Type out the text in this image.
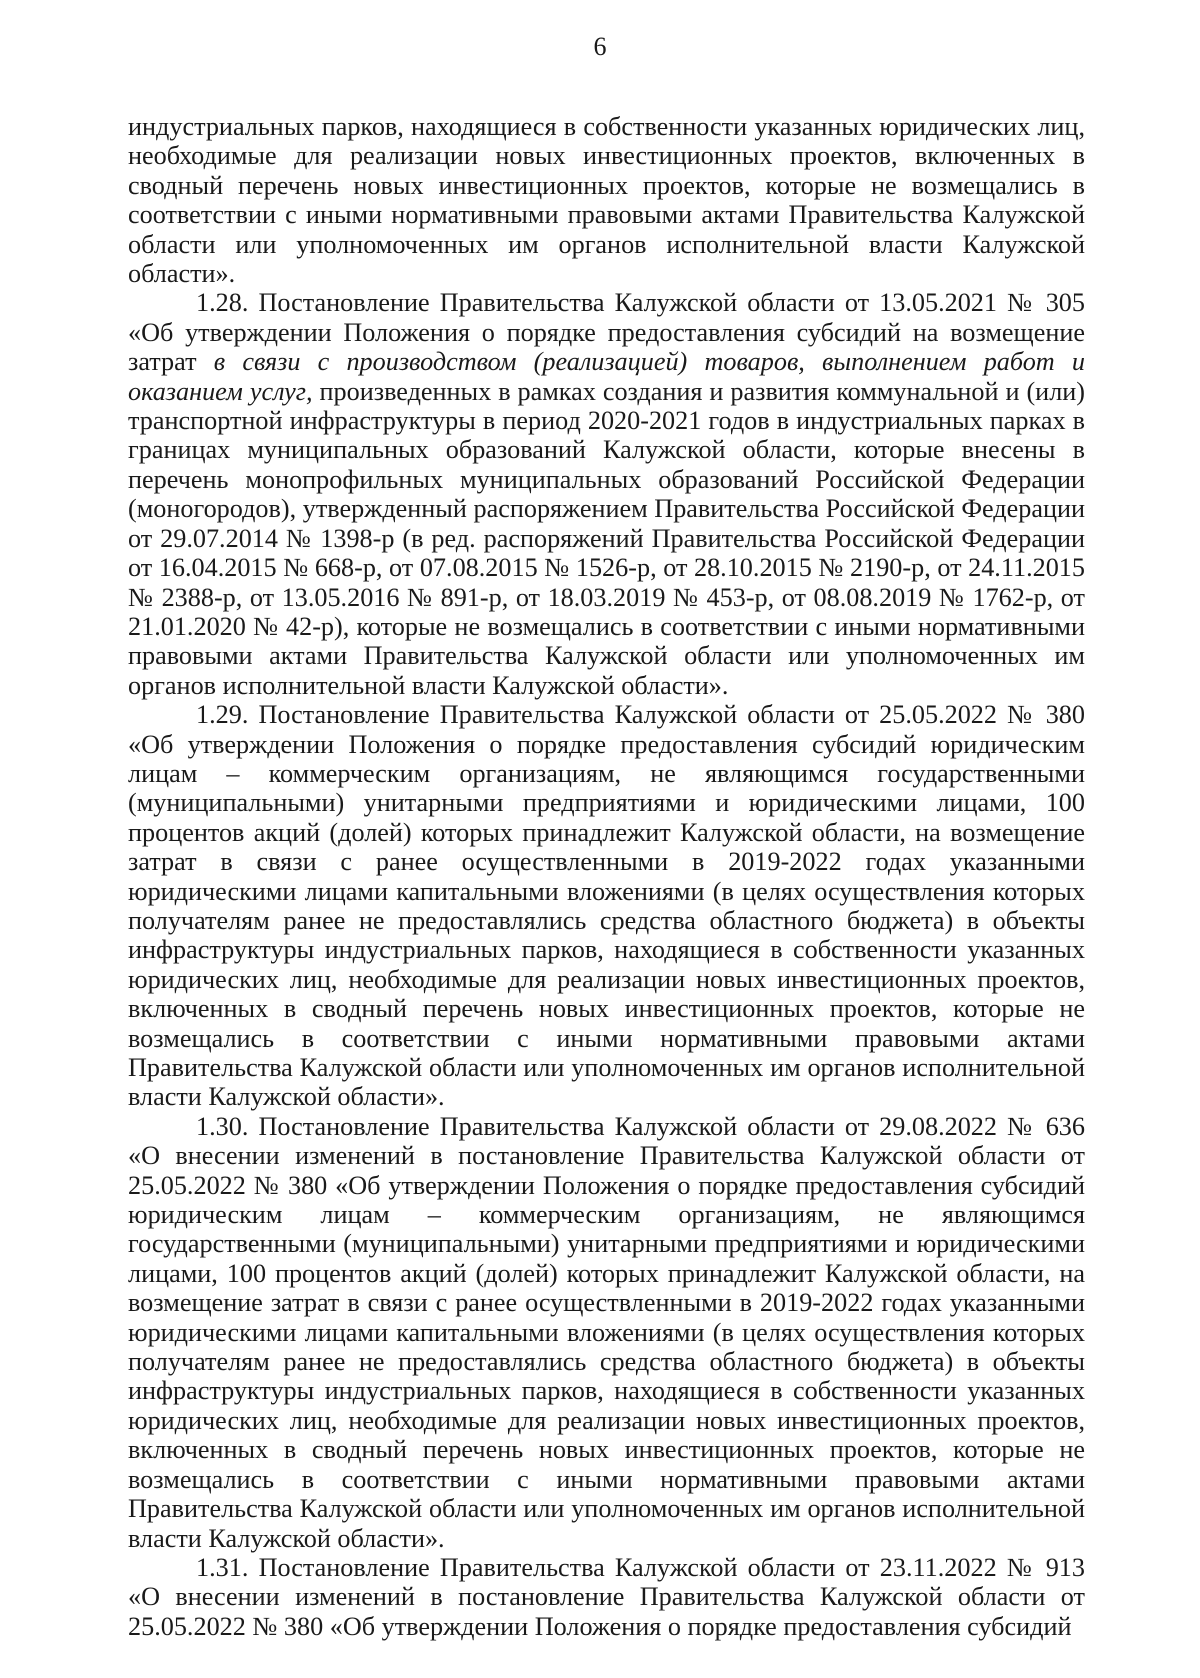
6

индустриальных парков, находящиеся в собственности указанных юридических лиц, необходимые для реализации новых инвестиционных проектов, включенных в сводный перечень новых инвестиционных проектов, которые не возмещались в соответствии с иными нормативными правовыми актами Правительства Калужской области или уполномоченных им органов исполнительной власти Калужской области».

1.28. Постановление Правительства Калужской области от 13.05.2021 № 305 «Об утверждении Положения о порядке предоставления субсидий на возмещение затрат в связи с производством (реализацией) товаров, выполнением работ и оказанием услуг, произведенных в рамках создания и развития коммунальной и (или) транспортной инфраструктуры в период 2020-2021 годов в индустриальных парках в границах муниципальных образований Калужской области, которые внесены в перечень монопрофильных муниципальных образований Российской Федерации (моногородов), утвержденный распоряжением Правительства Российской Федерации от 29.07.2014 № 1398-р (в ред. распоряжений Правительства Российской Федерации от 16.04.2015 № 668-р, от 07.08.2015 № 1526-р, от 28.10.2015 № 2190-р, от 24.11.2015 № 2388-р, от 13.05.2016 № 891-р, от 18.03.2019 № 453-р, от 08.08.2019 № 1762-р, от 21.01.2020 № 42-р), которые не возмещались в соответствии с иными нормативными правовыми актами Правительства Калужской области или уполномоченных им органов исполнительной власти Калужской области».

1.29. Постановление Правительства Калужской области от 25.05.2022 № 380 «Об утверждении Положения о порядке предоставления субсидий юридическим лицам – коммерческим организациям, не являющимся государственными (муниципальными) унитарными предприятиями и юридическими лицами, 100 процентов акций (долей) которых принадлежит Калужской области, на возмещение затрат в связи с ранее осуществленными в 2019-2022 годах указанными юридическими лицами капитальными вложениями (в целях осуществления которых получателям ранее не предоставлялись средства областного бюджета) в объекты инфраструктуры индустриальных парков, находящиеся в собственности указанных юридических лиц, необходимые для реализации новых инвестиционных проектов, включенных в сводный перечень новых инвестиционных проектов, которые не возмещались в соответствии с иными нормативными правовыми актами Правительства Калужской области или уполномоченных им органов исполнительной власти Калужской области».

1.30. Постановление Правительства Калужской области от 29.08.2022 № 636 «О внесении изменений в постановление Правительства Калужской области от 25.05.2022 № 380 «Об утверждении Положения о порядке предоставления субсидий юридическим лицам – коммерческим организациям, не являющимся государственными (муниципальными) унитарными предприятиями и юридическими лицами, 100 процентов акций (долей) которых принадлежит Калужской области, на возмещение затрат в связи с ранее осуществленными в 2019-2022 годах указанными юридическими лицами капитальными вложениями (в целях осуществления которых получателям ранее не предоставлялись средства областного бюджета) в объекты инфраструктуры индустриальных парков, находящиеся в собственности указанных юридических лиц, необходимые для реализации новых инвестиционных проектов, включенных в сводный перечень новых инвестиционных проектов, которые не возмещались в соответствии с иными нормативными правовыми актами Правительства Калужской области или уполномоченных им органов исполнительной власти Калужской области».

1.31. Постановление Правительства Калужской области от 23.11.2022 № 913 «О внесении изменений в постановление Правительства Калужской области от 25.05.2022 № 380 «Об утверждении Положения о порядке предоставления субсидий
